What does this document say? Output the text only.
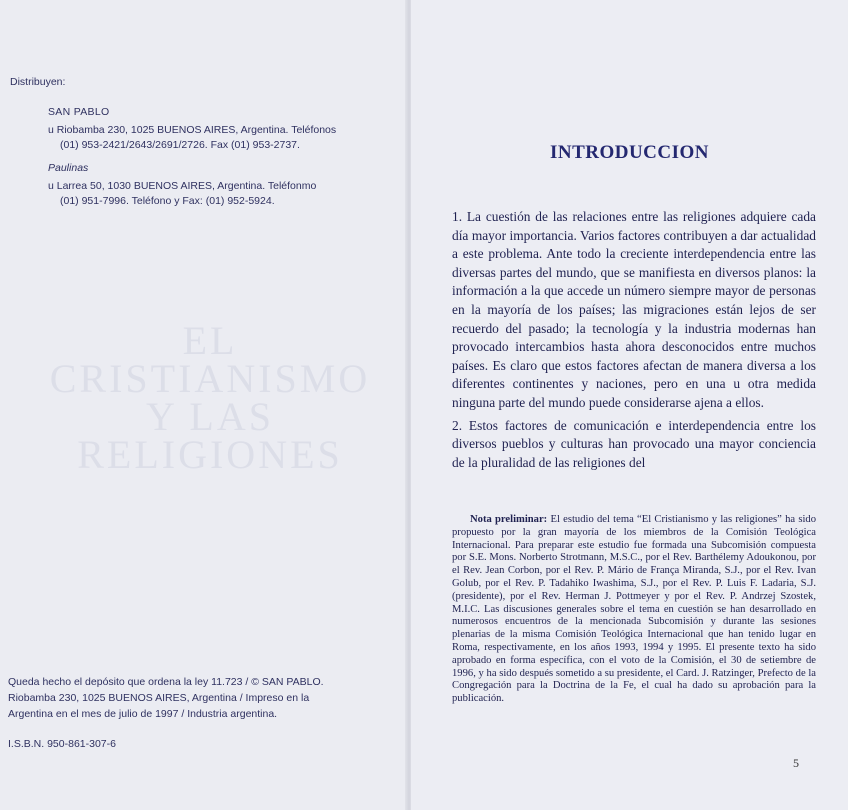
EL CRISTIANISMO
Y LAS RELIGIONES
Distribuyen:
SAN PABLO
u Riobamba 230, 1025 BUENOS AIRES, Argentina. Teléfonos
(01) 953-2421/2643/2691/2726. Fax (01) 953-2737.
Paulinas
u Larrea 50, 1030 BUENOS AIRES, Argentina. Teléfonmo
(01) 951-7996. Teléfono y Fax: (01) 952-5924.
Queda hecho el depósito que ordena la ley 11.723 / © SAN PABLO.
Riobamba 230, 1025 BUENOS AIRES, Argentina / Impreso en la
Argentina en el mes de julio de 1997 / Industria argentina.
I.S.B.N. 950-861-307-6

INTRODUCCION

1. La cuestión de las relaciones entre las religiones adquiere cada día mayor importancia. Varios factores contribuyen a dar actualidad a este problema. Ante todo la creciente interdependencia entre las diversas partes del mundo, que se manifiesta en diversos planos: la información a la que accede un número siempre mayor de personas en la mayoría de los países; las migraciones están lejos de ser recuerdo del pasado; la tecnología y la industria modernas han provocado intercambios hasta ahora desconocidos entre muchos países. Es claro que estos factores afectan de manera diversa a los diferentes continentes y naciones, pero en una u otra medida ninguna parte del mundo puede considerarse ajena a ellos.

2. Estos factores de comunicación e interdependencia entre los diversos pueblos y culturas han provocado una mayor conciencia de la pluralidad de las religiones del

Nota preliminar: El estudio del tema “El Cristianismo y las religiones” ha sido propuesto por la gran mayoría de los miembros de la Comisión Teológica Internacional. Para preparar este estudio fue formada una Subcomisión compuesta por S.E. Mons. Norberto Strotmann, M.S.C., por el Rev. Barthélemy Adoukonou, por el Rev. Jean Corbon, por el Rev. P. Mário de França Miranda, S.J., por el Rev. Ivan Golub, por el Rev. P. Tadahiko Iwashima, S.J., por el Rev. P. Luis F. Ladaria, S.J. (presidente), por el Rev. Herman J. Pottmeyer y por el Rev. P. Andrzej Szostek, M.I.C. Las discusiones generales sobre el tema en cuestión se han desarrollado en numerosos encuentros de la mencionada Subcomisión y durante las sesiones plenarias de la misma Comisión Teológica Internacional que han tenido lugar en Roma, respectivamente, en los años 1993, 1994 y 1995. El presente texto ha sido aprobado en forma específica, con el voto de la Comisión, el 30 de setiembre de 1996, y ha sido después sometido a su presidente, el Card. J. Ratzinger, Prefecto de la Congregación para la Doctrina de la Fe, el cual ha dado su aprobación para la publicación.
5
